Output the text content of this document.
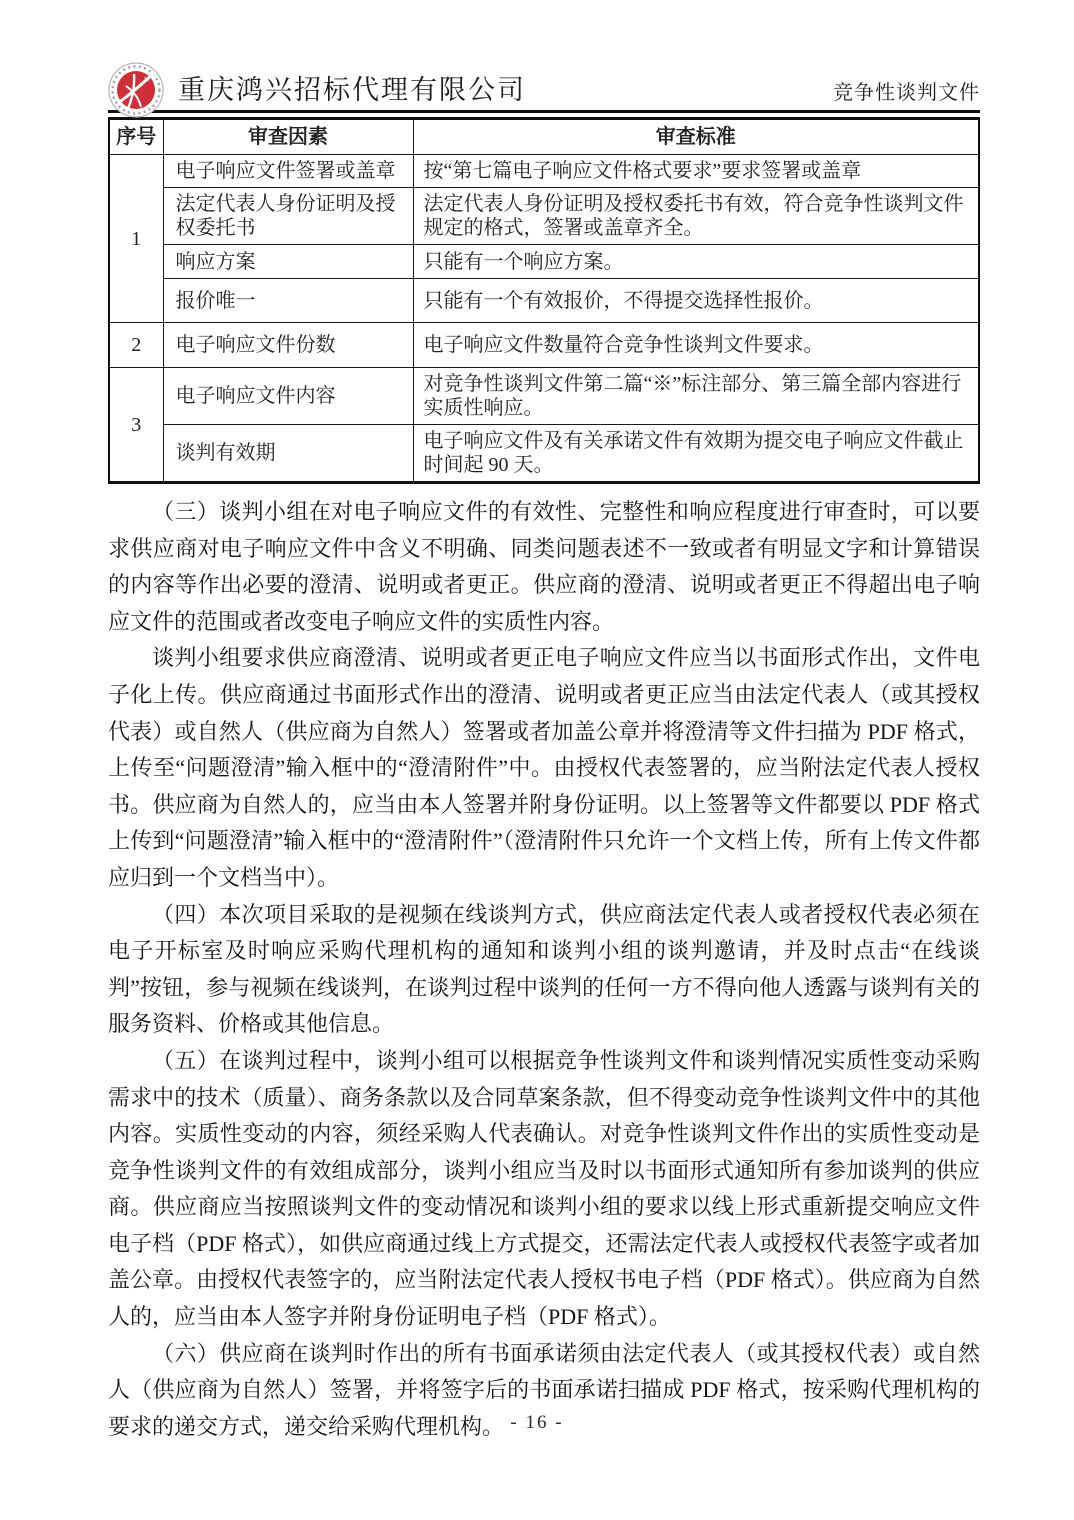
✕ 重庆鸿兴招标代理有限公司	竞争性谈判文件
序号	审查因素	审查标准
1	电子响应文件签署或盖章	按“第七篇电子响应文件格式要求”要求签署或盖章
	法定代表人身份证明及授权委托书	法定代表人身份证明及授权委托书有效，符合竞争性谈判文件规定的格式，签署或盖章齐全。
	响应方案	只能有一个响应方案。
	报价唯一	只能有一个有效报价，不得提交选择性报价。
2	电子响应文件份数	电子响应文件数量符合竞争性谈判文件要求。
3	电子响应文件内容	对竞争性谈判文件第二篇“※”标注部分、第三篇全部内容进行实质性响应。
	谈判有效期	电子响应文件及有关承诺文件有效期为提交电子响应文件截止时间起 90 天。

（三）谈判小组在对电子响应文件的有效性、完整性和响应程度进行审查时，可以要求供应商对电子响应文件中含义不明确、同类问题表述不一致或者有明显文字和计算错误的内容等作出必要的澄清、说明或者更正。供应商的澄清、说明或者更正不得超出电子响应文件的范围或者改变电子响应文件的实质性内容。

谈判小组要求供应商澄清、说明或者更正电子响应文件应当以书面形式作出，文件电子化上传。供应商通过书面形式作出的澄清、说明或者更正应当由法定代表人（或其授权代表）或自然人（供应商为自然人）签署或者加盖公章并将澄清等文件扫描为 PDF 格式，上传至“问题澄清”输入框中的“澄清附件”中。由授权代表签署的，应当附法定代表人授权书。供应商为自然人的，应当由本人签署并附身份证明。以上签署等文件都要以 PDF 格式上传到“问题澄清”输入框中的“澄清附件”（澄清附件只允许一个文档上传，所有上传文件都应归到一个文档当中）。

（四）本次项目采取的是视频在线谈判方式，供应商法定代表人或者授权代表必须在电子开标室及时响应采购代理机构的通知和谈判小组的谈判邀请，并及时点击“在线谈判”按钮，参与视频在线谈判，在谈判过程中谈判的任何一方不得向他人透露与谈判有关的服务资料、价格或其他信息。

（五）在谈判过程中，谈判小组可以根据竞争性谈判文件和谈判情况实质性变动采购需求中的技术（质量）、商务条款以及合同草案条款，但不得变动竞争性谈判文件中的其他内容。实质性变动的内容，须经采购人代表确认。对竞争性谈判文件作出的实质性变动是竞争性谈判文件的有效组成部分，谈判小组应当及时以书面形式通知所有参加谈判的供应商。供应商应当按照谈判文件的变动情况和谈判小组的要求以线上形式重新提交响应文件电子档（PDF 格式），如供应商通过线上方式提交，还需法定代表人或授权代表签字或者加盖公章。由授权代表签字的，应当附法定代表人授权书电子档（PDF 格式）。供应商为自然人的，应当由本人签字并附身份证明电子档（PDF 格式）。

（六）供应商在谈判时作出的所有书面承诺须由法定代表人（或其授权代表）或自然人（供应商为自然人）签署，并将签字后的书面承诺扫描成 PDF 格式，按采购代理机构的要求的递交方式，递交给采购代理机构。 - 16 -
